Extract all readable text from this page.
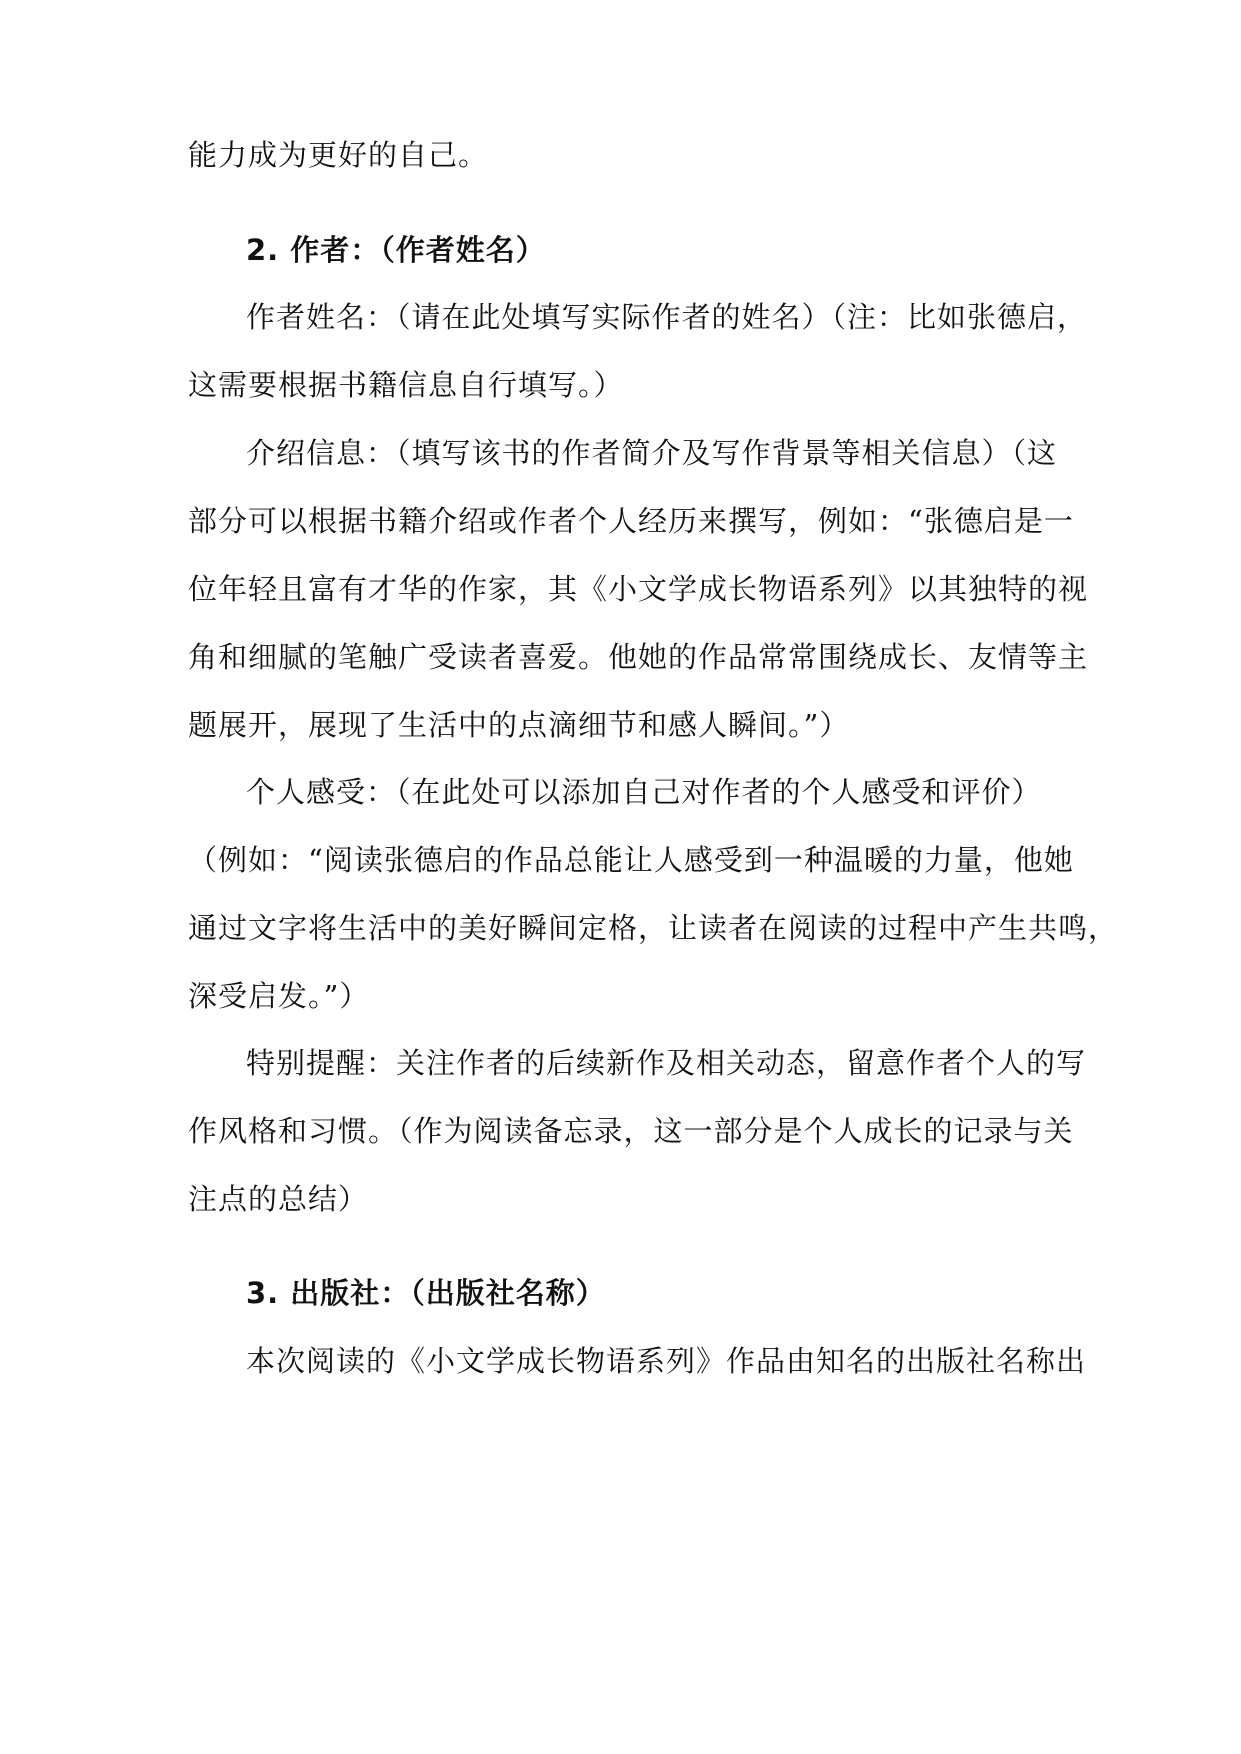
能力成为更好的自己。
2. 作者：（作者姓名）
作者姓名：（请在此处填写实际作者的姓名）（注：比如张德启，
这需要根据书籍信息自行填写。）
介绍信息：（填写该书的作者简介及写作背景等相关信息）（这
部分可以根据书籍介绍或作者个人经历来撰写，例如：“张德启是一
位年轻且富有才华的作家，其《小文学成长物语系列》以其独特的视
角和细腻的笔触广受读者喜爱。他她的作品常常围绕成长、友情等主
题展开，展现了生活中的点滴细节和感人瞬间。”）
个人感受：（在此处可以添加自己对作者的个人感受和评价）
（例如：“阅读张德启的作品总能让人感受到一种温暖的力量，他她
通过文字将生活中的美好瞬间定格，让读者在阅读的过程中产生共鸣，
深受启发。”）
特别提醒：关注作者的后续新作及相关动态，留意作者个人的写
作风格和习惯。（作为阅读备忘录，这一部分是个人成长的记录与关
注点的总结）
3. 出版社：（出版社名称）
本次阅读的《小文学成长物语系列》作品由知名的出版社名称出
